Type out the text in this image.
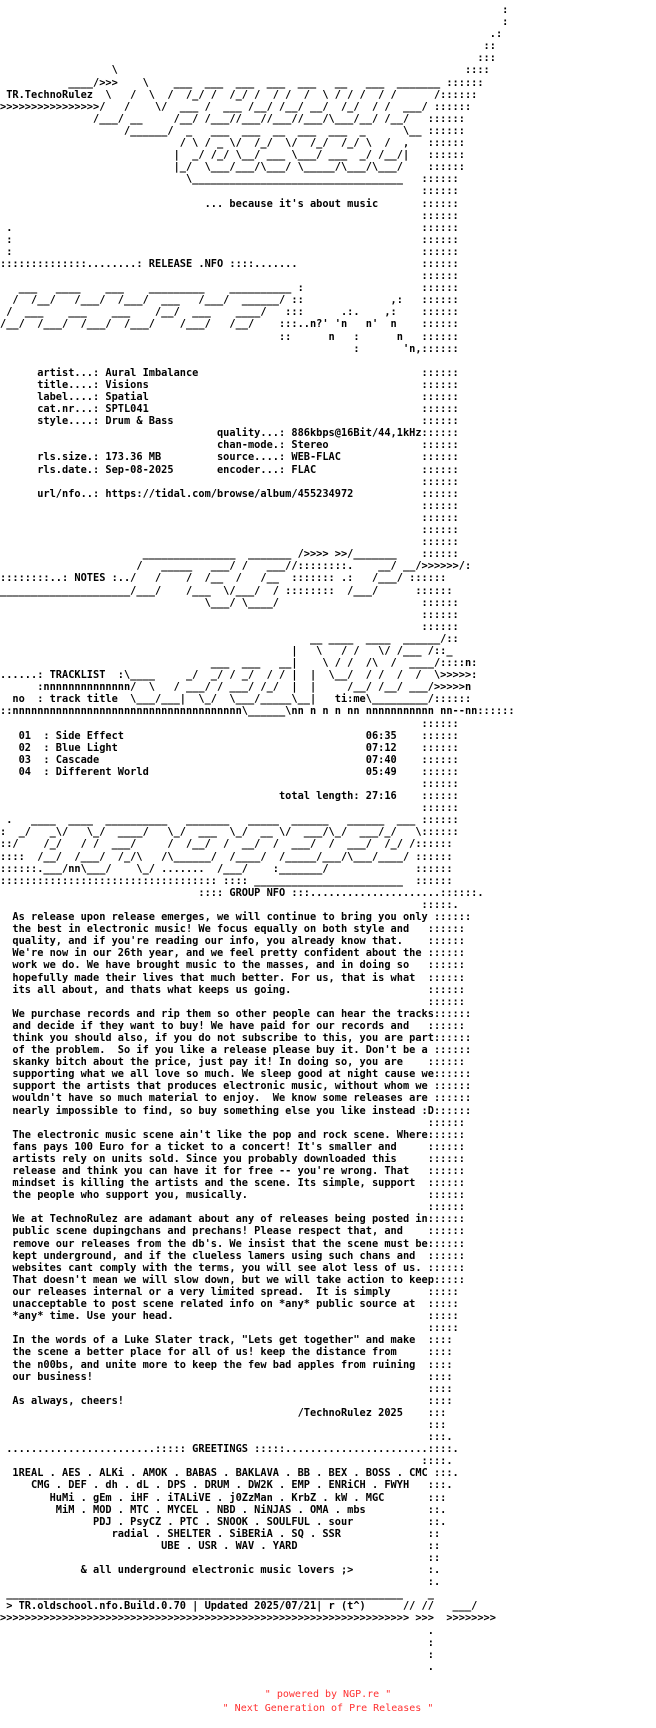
:
:
.:
::
:::
\                                                        ::::
____/>>>    \    ___  ___  ___  ___  ___   __   ___  _______ ::::::
TR.TechnoRulez  \   /  \  /  /_/ /  /_/ /  / /  /  \ / / /  / /      /::::::
>>>>>>>>>>>>>>>>/   /    \/  ___ /  ___ /__/ /__/ __/  /_/  / /  ___/ ::::::
/___/ __     /__/ /___//___//___//___/\___/__/ /__/   ::::::
/______/  _   ___  ___  __  ___  ___  _      \__ ::::::
/ \ / _ \/  /_/  \/  /_/  /_/ \  /  ,   ::::::
|  _/ /_/ \__/ ___ \___/ ___  _/ /__/|   ::::::
|_/  \___/___/\___/ \_____/\___/\___/    ::::::
\__________________________________   ::::::
::::::
... because it's about music       ::::::
::::::
.                                                                  ::::::
:                                                                  ::::::
:                                                                  ::::::
::::::::::::::........: RELEASE .NFO ::::.......                    ::::::
::::::
___   ____    ___    _________    __________ :                   ::::::
/  /__/   /___/  /___/  ___   /___/  ______/ ::              ,:   ::::::
/  ___    ___    ___    /__/  ___    ____/   :::      .:.    ,:    ::::::
/__/  /___/  /___/  /___/    /___/   /__/    :::..n?' 'n   n'  n    ::::::
::      n   :      n   ::::::
:       'n,::::::

artist...: Aural Imbalance                                    ::::::
title....: Visions                                            ::::::
label....: Spatial                                            ::::::
cat.nr...: SPTL041                                            ::::::
style....: Drum & Bass                                        ::::::
quality...: 886kbps@16Bit/44,1kHz::::::
chan-mode.: Stereo               ::::::
rls.size.: 173.36 MB         source....: WEB-FLAC             ::::::
rls.date.: Sep-08-2025       encoder...: FLAC                 ::::::
::::::
url/nfo..: https://tidal.com/browse/album/455234972           ::::::
::::::
::::::
::::::
::::::
_______________  _______ />>>> >>/_______    ::::::
/   _____   ___/ /   ___//::::::::.    __/ __/>>>>>>/:
::::::::..: NOTES :../   /    /  /__  /   /__  ::::::: .:   /___/ ::::::
_____________________/___/    /___  \/___/  / ::::::::  /___/      ::::::
\___/ \____/                       ::::::
::::::
::::::
__ ____  ____  ______/::
|   \   / /   \/ /___ /::_
___  ___   __|    \ / /  /\  /  ____/::::n:
......: TRACKLIST  :\____     _/  _/ / _/  / / |  |  \__/  / /  /  /  \>>>>>:
:nnnnnnnnnnnnnn/  \   / ___/ / ___/ /_/  |  |     /__/ /__/ ___/>>>>>n
no  : track title  \___/___|  \_/  \___/_____\__|   ti:me\_________/::::::
::nnnnnnnnnnnnnnnnnnnnnnnnnnnnnnnnnnnnn\______\nn n n n nn nnnnnnnnnnn nn--nn::::::
::::::
01  : Side Effect                                       06:35    ::::::
02  : Blue Light                                        07:12    ::::::
03  : Cascade                                           07:40    ::::::
04  : Different World                                   05:49    ::::::
::::::
total length: 27:16    ::::::
::::::
.   ____  ____  __________   _______   _____  ______   ______  ___ ::::::
:  _/   _\/   \_/  ____/   \_/  ___  \_/  __ \/  ___/\_/  ___/_/   \::::::
::/    /_/   / /  ___/     /  /__/  /  __/  /  ___/  /  ___/  /_/ /::::::
::::  /__/  /___/  /_/\   /\______/  /____/  /_____/___/\___/____/ ::::::
::::::.___/nn\___/    \_/ .......  /___/    :_______/              ::::::
::::::::::::::::::::::::::::::::::: :::: ________________________  ::::::
:::: GROUP NFO :::.....................::::::.
:::::.
As release upon release emerges, we will continue to bring you only ::::::
the best in electronic music! We focus equally on both style and   ::::::
quality, and if you're reading our info, you already know that.    ::::::
We're now in our 26th year, and we feel pretty confident about the ::::::
work we do. We have brought music to the masses, and in doing so   ::::::
hopefully made their lives that much better. For us, that is what  ::::::
its all about, and thats what keeps us going.                      ::::::
::::::
We purchase records and rip them so other people can hear the tracks::::::
and decide if they want to buy! We have paid for our records and   ::::::
think you should also, if you do not subscribe to this, you are part::::::
of the problem.  So if you like a release please buy it. Don't be a ::::::
skanky bitch about the price, just pay it! In doing so, you are    ::::::
supporting what we all love so much. We sleep good at night cause we::::::
support the artists that produces electronic music, without whom we ::::::
wouldn't have so much material to enjoy.  We know some releases are ::::::
nearly impossible to find, so buy something else you like instead :D::::::
::::::
The electronic music scene ain't like the pop and rock scene. Where::::::
fans pays 100 Euro for a ticket to a concert! It's smaller and     ::::::
artists rely on units sold. Since you probably downloaded this     ::::::
release and think you can have it for free -- you're wrong. That   ::::::
mindset is killing the artists and the scene. Its simple, support  ::::::
the people who support you, musically.                             ::::::
::::::
We at TechnoRulez are adamant about any of releases being posted in::::::
public scene dupingchans and prechans! Please respect that, and    ::::::
remove our releases from the db's. We insist that the scene must be::::::
kept underground, and if the clueless lamers using such chans and  ::::::
websites cant comply with the terms, you will see alot less of us. ::::::
That doesn't mean we will slow down, but we will take action to keep:::::
our releases internal or a very limited spread.  It is simply      :::::
unacceptable to post scene related info on *any* public source at  :::::
*any* time. Use your head.                                         :::::
:::::
In the words of a Luke Slater track, "Lets get together" and make  ::::
the scene a better place for all of us! keep the distance from     ::::
the n00bs, and unite more to keep the few bad apples from ruining  ::::
our business!                                                      ::::
::::
As always, cheers!                                                 ::::
/TechnoRulez 2025    :::
:::
:::.
........................::::: GREETINGS :::::.......................::::.
::::.
1REAL . AES . ALKi . AMOK . BABAS . BAKLAVA . BB . BEX . BOSS . CMC :::.
CMG . DEF . dh . dL . DPS . DRUM . DW2K . EMP . ENRiCH . FWYH   :::.
HuMi . gEm . iHF . iTALiVE . j0ZzMan . KrbZ . kW . MGC       :::
MiM . MOD . MTC . MYCEL . NBD . NiNJAS . OMA . mbs          ::.
PDJ . PsyCZ . PTC . SNOOK . SOULFUL . sour            ::.
radial . SHELTER . SiBERiA . SQ . SSR              ::
UBE . USR . WAV . YARD                     ::
::
& all underground electronic music lovers ;>            :.
:.
________________________________________________________________    _
> TR.oldschool.nfo.Build.0.70 | Updated 2025/07/21| r (t^)      // //   ___/
>>>>>>>>>>>>>>>>>>>>>>>>>>>>>>>>>>>>>>>>>>>>>>>>>>>>>>>>>>>>>>>>>> >>>  >>>>>>>>
.
:
:
.
" powered by NGP.re "
" Next Generation of Pre Releases "
